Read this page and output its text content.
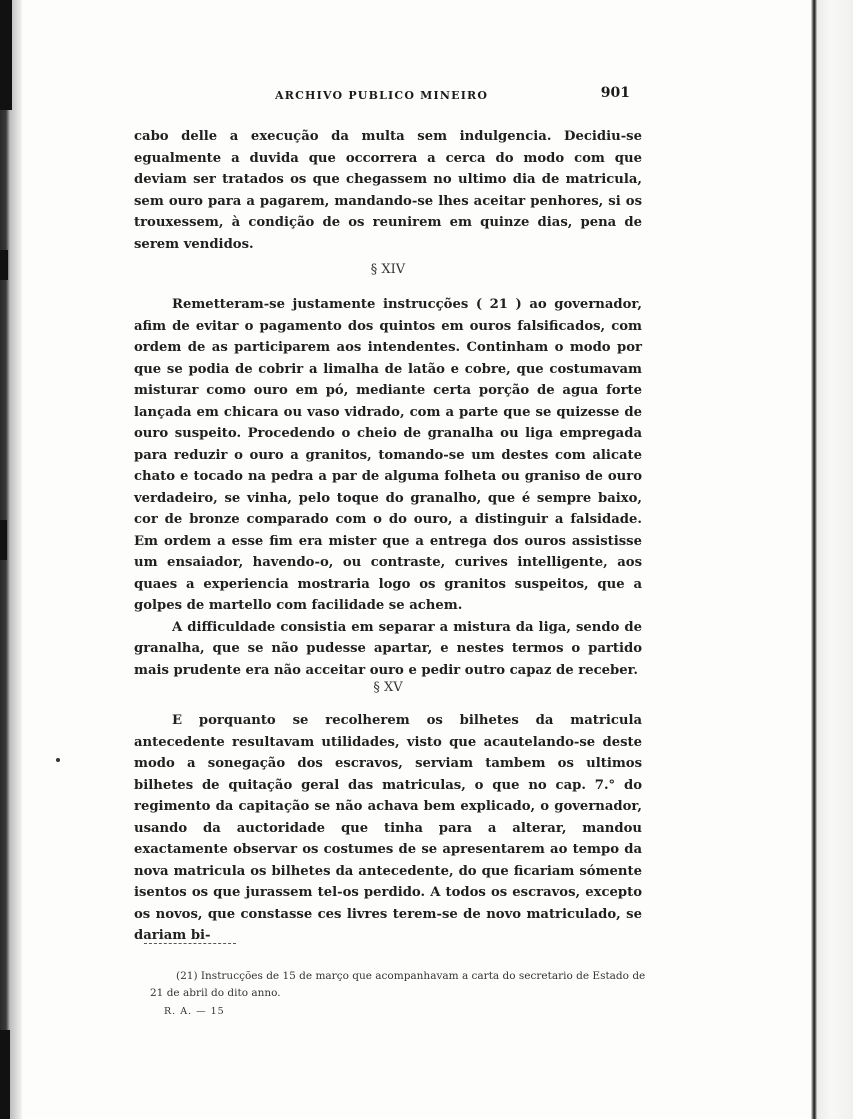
ARCHIVO PUBLICO MINEIRO	901

cabo delle a execução da multa sem indulgencia. Decidiu-se egualmente a duvida que occorrera a cerca do modo com que deviam ser tratados os que chegassem no ultimo dia de matricula, sem ouro para a pagarem, mandando-se lhes aceitar penhores, si os trouxessem, à condição de os reunirem em quinze dias, pena de serem vendidos.

§ XIV

Remetteram-se justamente instrucções ( 21 ) ao governador, afim de evitar o pagamento dos quintos em ouros falsificados, com ordem de as participarem aos intendentes. Continham o modo por que se podia de cobrir a limalha de latão e cobre, que costumavam misturar como ouro em pó, mediante certa porção de agua forte lançada em chicara ou vaso vidrado, com a parte que se quizesse de ouro suspeito. Procedendo o cheio de granalha ou liga empregada para reduzir o ouro a granitos, tomando-se um destes com alicate chato e tocado na pedra a par de alguma folheta ou graniso de ouro verdadeiro, se vinha, pelo toque do granalho, que é sempre baixo, cor de bronze comparado com o do ouro, a distinguir a falsidade. Em ordem a esse fim era mister que a entrega dos ouros assistisse um ensaiador, havendo-o, ou contraste, curives intelligente, aos quaes a experiencia mostraria logo os granitos suspeitos, que a golpes de martello com facilidade se achem.

A difficuldade consistia em separar a mistura da liga, sendo de granalha, que se não pudesse apartar, e nestes termos o partido mais prudente era não acceitar ouro e pedir outro capaz de receber.

§ XV

E porquanto se recolherem os bilhetes da matricula antecedente resultavam utilidades, visto que acautelando-se deste modo a sonegação dos escravos, serviam tambem os ultimos bilhetes de quitação geral das matriculas, o que no cap. 7.° do regimento da capitação se não achava bem explicado, o governador, usando da auctoridade que tinha para a alterar, mandou exactamente observar os costumes de se apresentarem ao tempo da nova matricula os bilhetes da antecedente, do que ficariam sómente isentos os que jurassem tel-os perdido. A todos os escravos, excepto os novos, que constasse ces livres terem-se de novo matriculado, se dariam bi-

(21) Instrucções de 15 de março que acompanhavam a carta do secretario de Estado de 21 de abril do dito anno.

R. A. — 15
